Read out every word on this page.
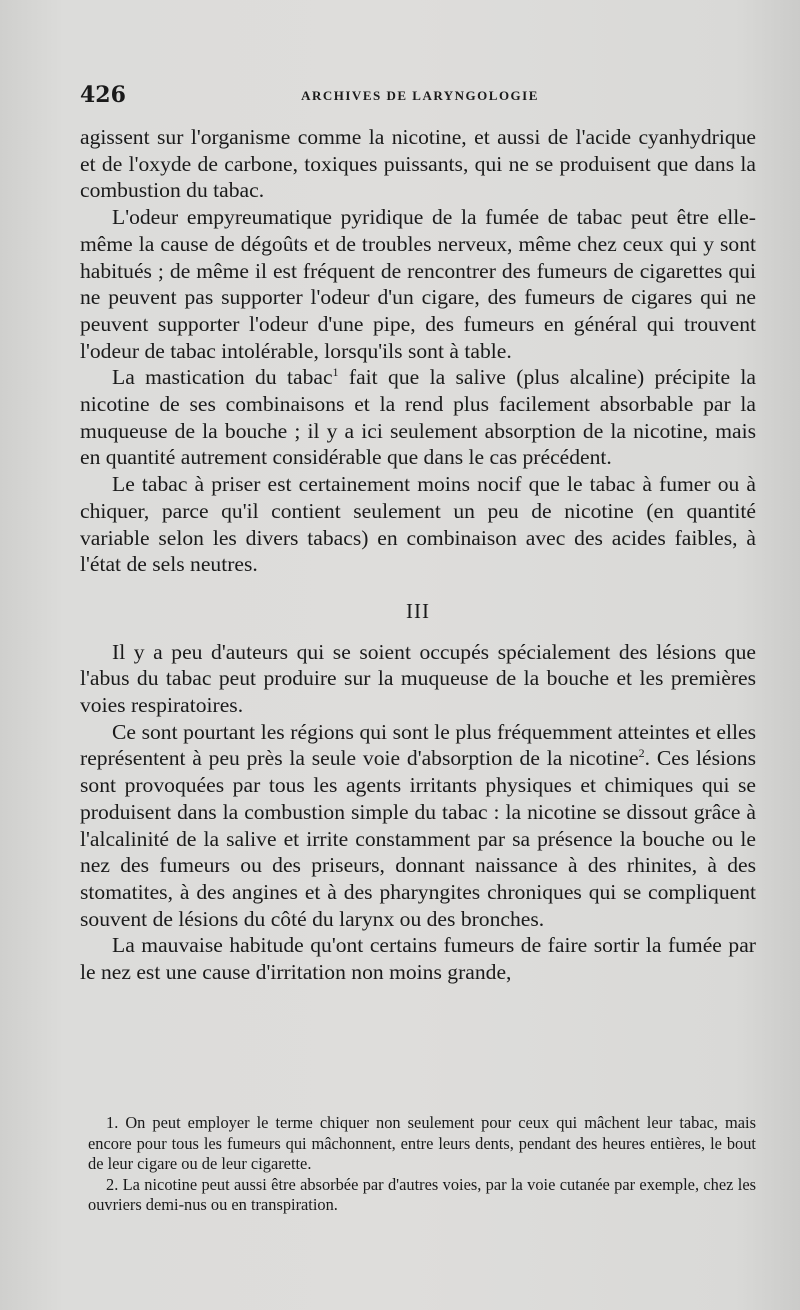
426	ARCHIVES DE LARYNGOLOGIE

agissent sur l'organisme comme la nicotine, et aussi de l'acide cyanhydrique et de l'oxyde de carbone, toxiques puissants, qui ne se produisent que dans la combustion du tabac.

L'odeur empyreumatique pyridique de la fumée de tabac peut être elle-même la cause de dégoûts et de troubles nerveux, même chez ceux qui y sont habitués ; de même il est fréquent de rencontrer des fumeurs de cigarettes qui ne peuvent pas supporter l'odeur d'un cigare, des fumeurs de cigares qui ne peuvent supporter l'odeur d'une pipe, des fumeurs en général qui trouvent l'odeur de tabac intolérable, lorsqu'ils sont à table.

La mastication du tabac$^1$ fait que la salive (plus alcaline) précipite la nicotine de ses combinaisons et la rend plus facilement absorbable par la muqueuse de la bouche ; il y a ici seulement absorption de la nicotine, mais en quantité autrement considérable que dans le cas précédent.

Le tabac à priser est certainement moins nocif que le tabac à fumer ou à chiquer, parce qu'il contient seulement un peu de nicotine (en quantité variable selon les divers tabacs) en combinaison avec des acides faibles, à l'état de sels neutres.

III

Il y a peu d'auteurs qui se soient occupés spécialement des lésions que l'abus du tabac peut produire sur la muqueuse de la bouche et les premières voies respiratoires.

Ce sont pourtant les régions qui sont le plus fréquemment atteintes et elles représentent à peu près la seule voie d'absorption de la nicotine$^2$. Ces lésions sont provoquées par tous les agents irritants physiques et chimiques qui se produisent dans la combustion simple du tabac : la nicotine se dissout grâce à l'alcalinité de la salive et irrite constamment par sa présence la bouche ou le nez des fumeurs ou des priseurs, donnant naissance à des rhinites, à des stomatites, à des angines et à des pharyngites chroniques qui se compliquent souvent de lésions du côté du larynx ou des bronches.

La mauvaise habitude qu'ont certains fumeurs de faire sortir la fumée par le nez est une cause d'irritation non moins grande,

1. On peut employer le terme chiquer non seulement pour ceux qui mâchent leur tabac, mais encore pour tous les fumeurs qui mâchonnent, entre leurs dents, pendant des heures entières, le bout de leur cigare ou de leur cigarette.

2. La nicotine peut aussi être absorbée par d'autres voies, par la voie cutanée par exemple, chez les ouvriers demi-nus ou en transpiration.
